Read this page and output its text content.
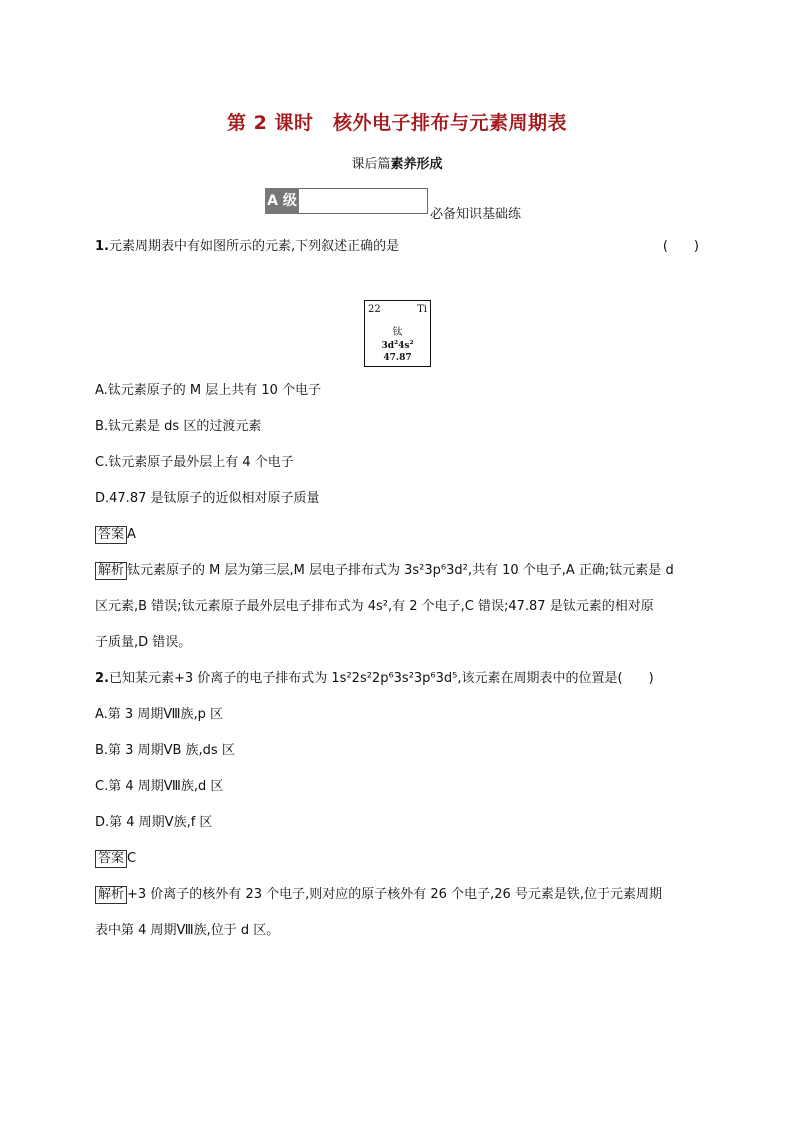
第 2 课时　核外电子排布与元素周期表
课后篇素养形成
A 级
必备知识基础练
1.元素周期表中有如图所示的元素,下列叙述正确的是	(　　)
22	Ti
钛
$3d^24s^2$
47.87
A.钛元素原子的 M 层上共有 10 个电子
B.钛元素是 ds 区的过渡元素
C.钛元素原子最外层上有 4 个电子
D.47.87 是钛原子的近似相对原子质量
答案 A
解析 钛元素原子的 M 层为第三层,M 层电子排布式为 3s²3p⁶3d²,共有 10 个电子,A 正确;钛元素是 d
区元素,B 错误;钛元素原子最外层电子排布式为 4s²,有 2 个电子,C 错误;47.87 是钛元素的相对原
子质量,D 错误。
2.已知某元素+3 价离子的电子排布式为 1s²2s²2p⁶3s²3p⁶3d⁵,该元素在周期表中的位置是(　　)
A.第 3 周期Ⅷ族,p 区
B.第 3 周期ⅤB 族,ds 区
C.第 4 周期Ⅷ族,d 区
D.第 4 周期Ⅴ族,f 区
答案 C
解析 +3 价离子的核外有 23 个电子,则对应的原子核外有 26 个电子,26 号元素是铁,位于元素周期
表中第 4 周期Ⅷ族,位于 d 区。
